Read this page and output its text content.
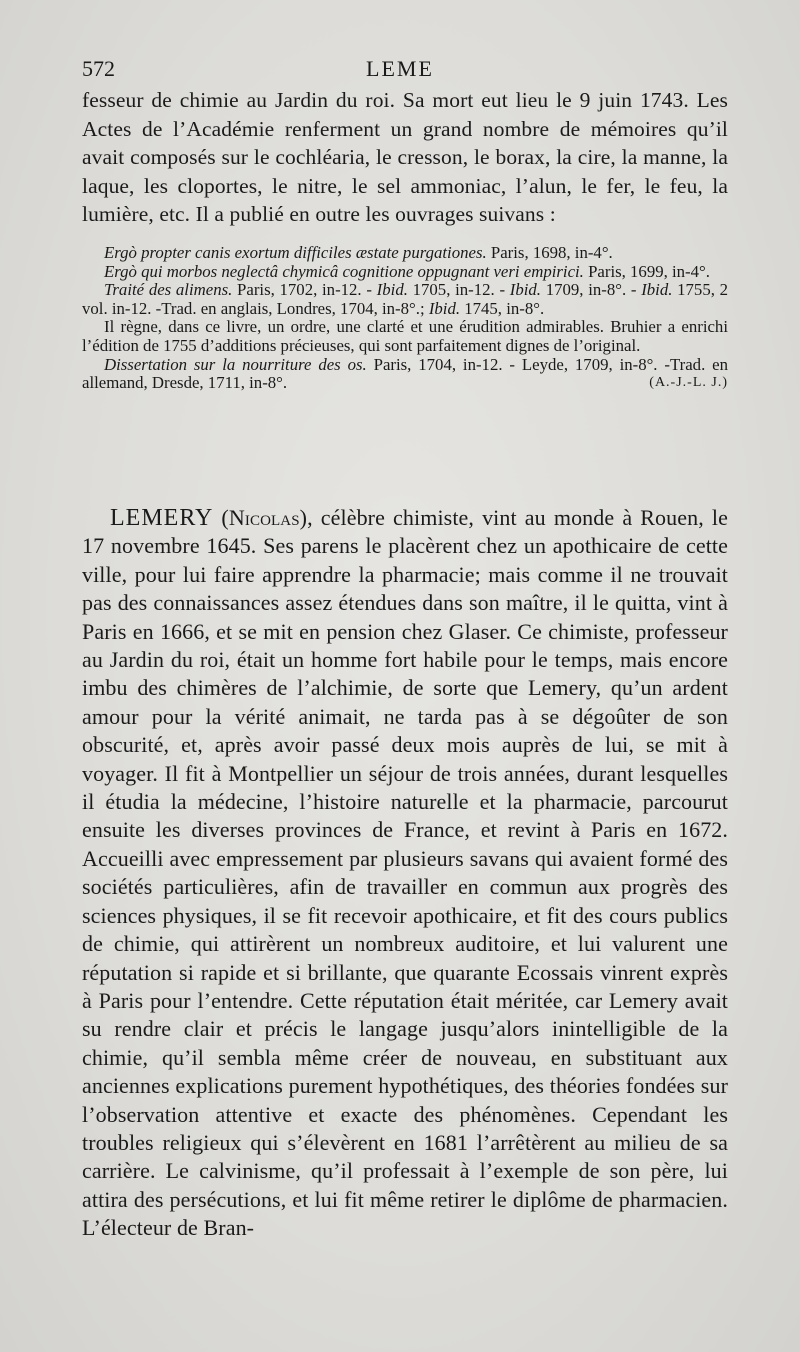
572	LEME
fesseur de chimie au Jardin du roi. Sa mort eut lieu le 9 juin 1743. Les Actes de l’Académie renferment un grand nombre de mémoires qu’il avait composés sur le cochléaria, le cresson, le borax, la cire, la manne, la laque, les cloportes, le nitre, le sel ammoniac, l’alun, le fer, le feu, la lumière, etc. Il a publié en outre les ouvrages suivans :

Ergò propter canis exortum difficiles æstate purgationes. Paris, 1698, in-4°.

Ergò qui morbos neglectâ chymicâ cognitione oppugnant veri empirici. Paris, 1699, in-4°.

Traité des alimens. Paris, 1702, in-12. - Ibid. 1705, in-12. - Ibid. 1709, in-8°. - Ibid. 1755, 2 vol. in-12. -Trad. en anglais, Londres, 1704, in-8°.; Ibid. 1745, in-8°.

Il règne, dans ce livre, un ordre, une clarté et une érudition admirables. Bruhier a enrichi l’édition de 1755 d’additions précieuses, qui sont parfaitement dignes de l’original.

Dissertation sur la nourriture des os. Paris, 1704, in-12. - Leyde, 1709, in-8°. -Trad. en allemand, Dresde, 1711, in-8°.	(A.-J.-L. J.)

LEMERY (Nicolas), célèbre chimiste, vint au monde à Rouen, le 17 novembre 1645. Ses parens le placèrent chez un apothicaire de cette ville, pour lui faire apprendre la pharmacie; mais comme il ne trouvait pas des connaissances assez étendues dans son maître, il le quitta, vint à Paris en 1666, et se mit en pension chez Glaser. Ce chimiste, professeur au Jardin du roi, était un homme fort habile pour le temps, mais encore imbu des chimères de l’alchimie, de sorte que Lemery, qu’un ardent amour pour la vérité animait, ne tarda pas à se dégoûter de son obscurité, et, après avoir passé deux mois auprès de lui, se mit à voyager. Il fit à Montpellier un séjour de trois années, durant lesquelles il étudia la médecine, l’histoire naturelle et la pharmacie, parcourut ensuite les diverses provinces de France, et revint à Paris en 1672. Accueilli avec empressement par plusieurs savans qui avaient formé des sociétés particulières, afin de travailler en commun aux progrès des sciences physiques, il se fit recevoir apothicaire, et fit des cours publics de chimie, qui attirèrent un nombreux auditoire, et lui valurent une réputation si rapide et si brillante, que quarante Ecossais vinrent exprès à Paris pour l’entendre. Cette réputation était méritée, car Lemery avait su rendre clair et précis le langage jusqu’alors inintelligible de la chimie, qu’il sembla même créer de nouveau, en substituant aux anciennes explications purement hypothétiques, des théories fondées sur l’observation attentive et exacte des phénomènes. Cependant les troubles religieux qui s’élevèrent en 1681 l’arrêtèrent au milieu de sa carrière. Le calvinisme, qu’il professait à l’exemple de son père, lui attira des persécutions, et lui fit même retirer le diplôme de pharmacien. L’électeur de Bran-
